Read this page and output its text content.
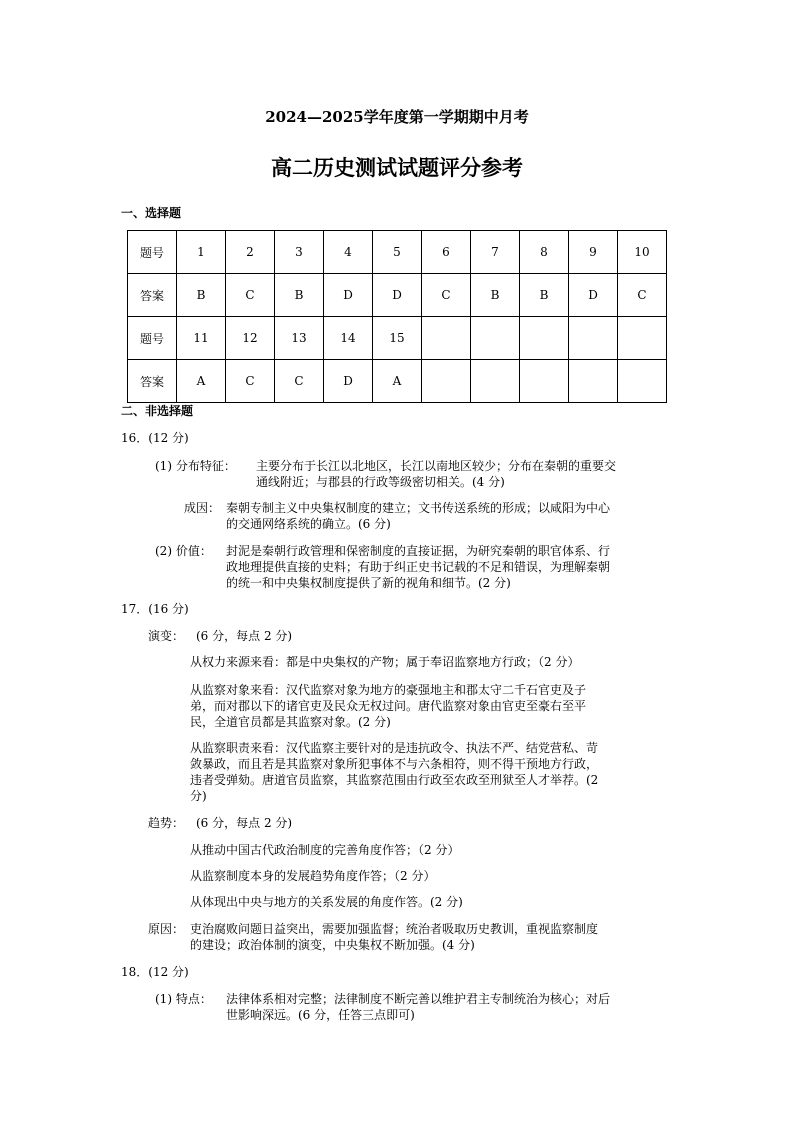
2024—2025学年度第一学期期中月考
高二历史测试试题评分参考
一、选择题
题号	1	2	3	4	5	6	7	8	9	10
答案	B	C	B	D	D	C	B	B	D	C
题号	11	12	13	14	15					
答案	A	C	C	D	A					
二、非选择题
16．(12 分)
(1) 分布特征： 主要分布于长江以北地区，长江以南地区较少；分布在秦朝的重要交
通线附近；与郡县的行政等级密切相关。(4 分)
成因： 秦朝专制主义中央集权制度的建立；文书传送系统的形成；以咸阳为中心
的交通网络系统的确立。(6 分)
(2) 价值： 封泥是秦朝行政管理和保密制度的直接证据，为研究秦朝的职官体系、行
政地理提供直接的史料；有助于纠正史书记载的不足和错误，为理解秦朝
的统一和中央集权制度提供了新的视角和细节。(2 分)
17．(16 分)
演变： (6 分，每点 2 分)
从权力来源来看：都是中央集权的产物；属于奉诏监察地方行政；（2 分）
从监察对象来看：汉代监察对象为地方的豪强地主和郡太守二千石官吏及子
弟，而对郡以下的诸官吏及民众无权过问。唐代监察对象由官吏至豪右至平
民，全道官员都是其监察对象。(2 分)
从监察职责来看：汉代监察主要针对的是违抗政令、执法不严、结党营私、苛
敛暴政，而且若是其监察对象所犯事体不与六条相符，则不得干预地方行政，
违者受弹劾。唐道官员监察，其监察范围由行政至农政至刑狱至人才举荐。(2
分)
趋势： (6 分，每点 2 分)
从推动中国古代政治制度的完善角度作答；（2 分）
从监察制度本身的发展趋势角度作答；（2 分）
从体现出中央与地方的关系发展的角度作答。(2 分)
原因： 吏治腐败问题日益突出，需要加强监督；统治者吸取历史教训，重视监察制度
的建设；政治体制的演变，中央集权不断加强。(4 分)
18．(12 分)
(1) 特点： 法律体系相对完整；法律制度不断完善以维护君主专制统治为核心；对后
世影响深远。(6 分，任答三点即可)
